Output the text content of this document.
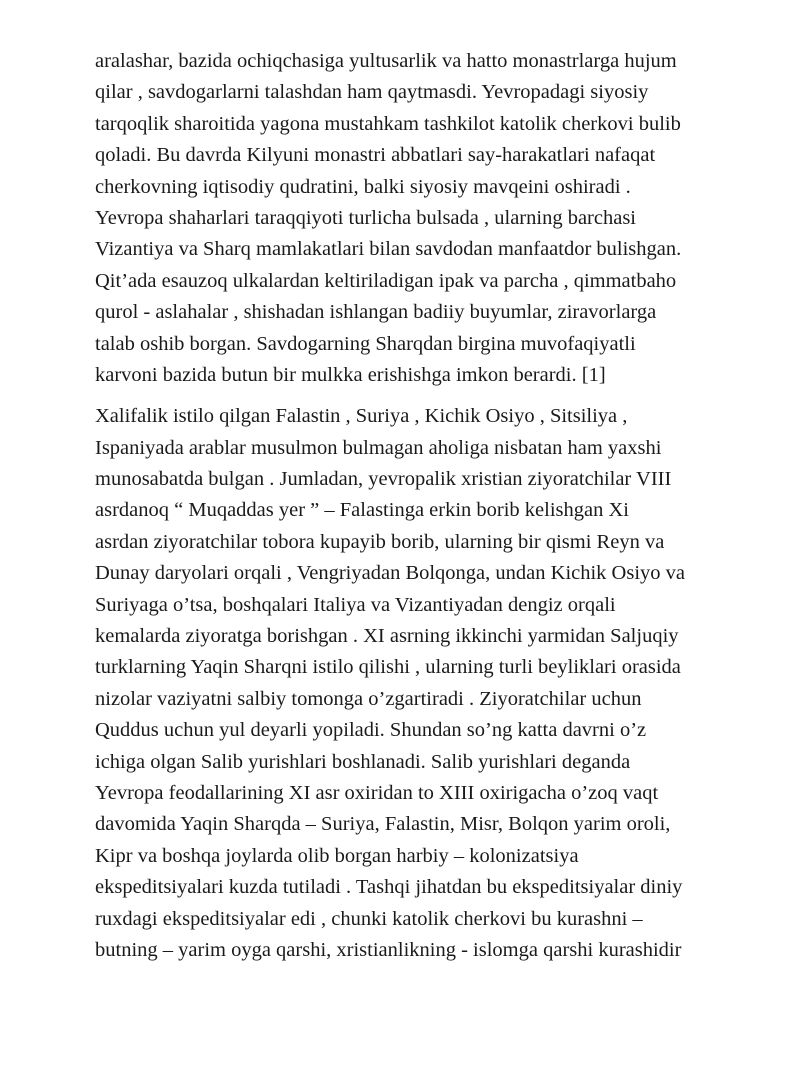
aralashar, bazida ochiqchasiga yultusarlik va hatto monastrlarga hujum
qilar , savdogarlarni talashdan ham qaytmasdi. Yevropadagi siyosiy
tarqoqlik sharoitida yagona mustahkam tashkilot katolik cherkovi bulib
qoladi. Bu davrda Kilyuni monastri abbatlari say-harakatlari nafaqat
cherkovning iqtisodiy qudratini, balki siyosiy mavqeini oshiradi .
Yevropa shaharlari taraqqiyoti turlicha bulsada , ularning barchasi
Vizantiya va Sharq mamlakatlari bilan savdodan manfaatdor bulishgan.
Qit’ada esauzoq ulkalardan keltiriladigan ipak va parcha , qimmatbaho
qurol - aslahalar , shishadan ishlangan badiiy buyumlar, ziravorlarga
talab oshib borgan. Savdogarning Sharqdan birgina muvofaqiyatli
karvoni bazida butun bir mulkka erishishga imkon berardi. [1]

Xalifalik istilo qilgan Falastin , Suriya , Kichik Osiyo , Sitsiliya ,
Ispaniyada arablar musulmon bulmagan aholiga nisbatan ham yaxshi
munosabatda bulgan . Jumladan, yevropalik xristian ziyoratchilar VIII
asrdanoq “ Muqaddas yer ” – Falastinga erkin borib kelishgan Xi
asrdan ziyoratchilar tobora kupayib borib, ularning bir qismi Reyn va
Dunay daryolari orqali , Vengriyadan Bolqonga, undan Kichik Osiyo va
Suriyaga o’tsa, boshqalari Italiya va Vizantiyadan dengiz orqali
kemalarda ziyoratga borishgan . XI asrning ikkinchi yarmidan Saljuqiy
turklarning Yaqin Sharqni istilo qilishi , ularning turli beyliklari orasida
nizolar vaziyatni salbiy tomonga o’zgartiradi . Ziyoratchilar uchun
Quddus uchun yul deyarli yopiladi. Shundan so’ng katta davrni o’z
ichiga olgan Salib yurishlari boshlanadi. Salib yurishlari deganda
Yevropa feodallarining XI asr oxiridan to XIII oxirigacha o’zoq vaqt
davomida Yaqin Sharqda – Suriya, Falastin, Misr, Bolqon yarim oroli,
Kipr va boshqa joylarda olib borgan harbiy – kolonizatsiya
ekspeditsiyalari kuzda tutiladi . Tashqi jihatdan bu ekspeditsiyalar diniy
ruxdagi ekspeditsiyalar edi , chunki katolik cherkovi bu kurashni –
butning – yarim oyga qarshi, xristianlikning - islomga qarshi kurashidir
